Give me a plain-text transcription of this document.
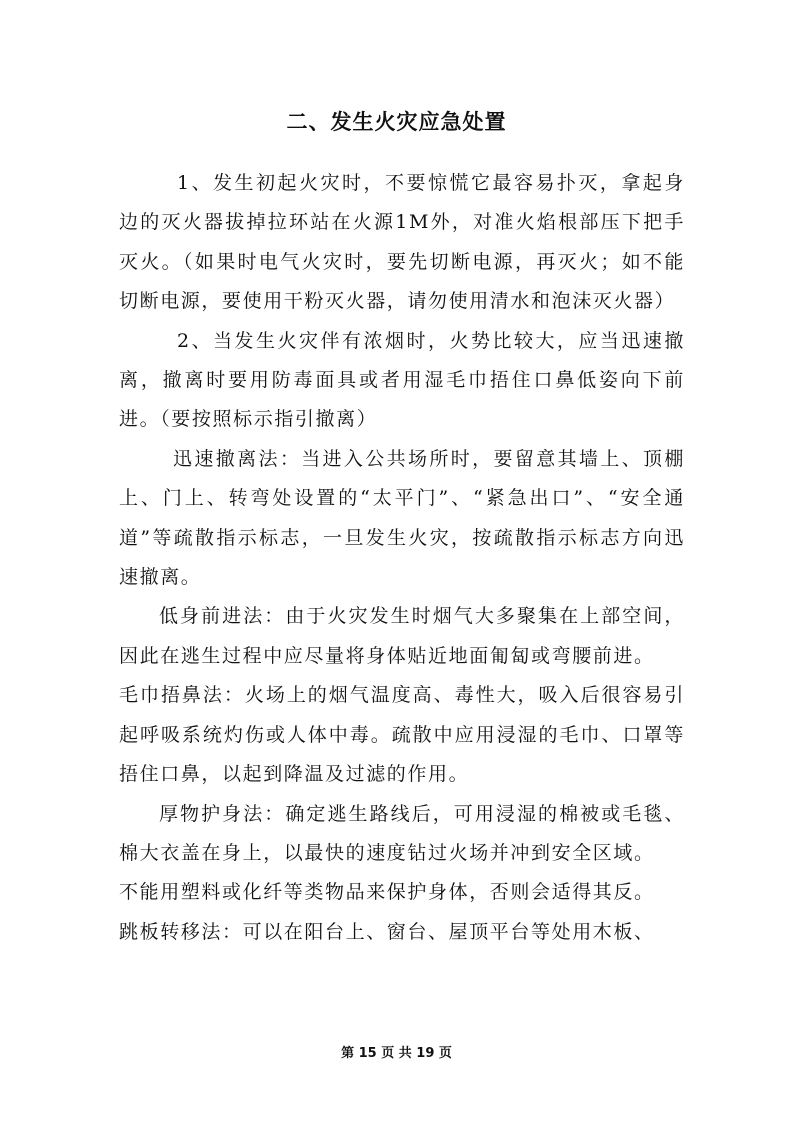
二、发生火灾应急处置

1、发生初起火灾时，不要惊慌它最容易扑灭，拿起身边的灭火器拔掉拉环站在火源1M外，对准火焰根部压下把手灭火。（如果时电气火灾时，要先切断电源，再灭火；如不能切断电源，要使用干粉灭火器，请勿使用清水和泡沫灭火器）

2、当发生火灾伴有浓烟时，火势比较大，应当迅速撤离，撤离时要用防毒面具或者用湿毛巾捂住口鼻低姿向下前进。（要按照标示指引撤离）

迅速撤离法：当进入公共场所时，要留意其墙上、顶棚上、门上、转弯处设置的“太平门”、“紧急出口”、“安全通道”等疏散指示标志，一旦发生火灾，按疏散指示标志方向迅速撤离。

低身前进法：由于火灾发生时烟气大多聚集在上部空间，因此在逃生过程中应尽量将身体贴近地面匍匐或弯腰前进。

毛巾捂鼻法：火场上的烟气温度高、毒性大，吸入后很容易引起呼吸系统灼伤或人体中毒。疏散中应用浸湿的毛巾、口罩等捂住口鼻，以起到降温及过滤的作用。

厚物护身法：确定逃生路线后，可用浸湿的棉被或毛毯、棉大衣盖在身上，以最快的速度钻过火场并冲到安全区域。

不能用塑料或化纤等类物品来保护身体，否则会适得其反。

跳板转移法：可以在阳台上、窗台、屋顶平台等处用木板、

第 15 页 共 19 页
